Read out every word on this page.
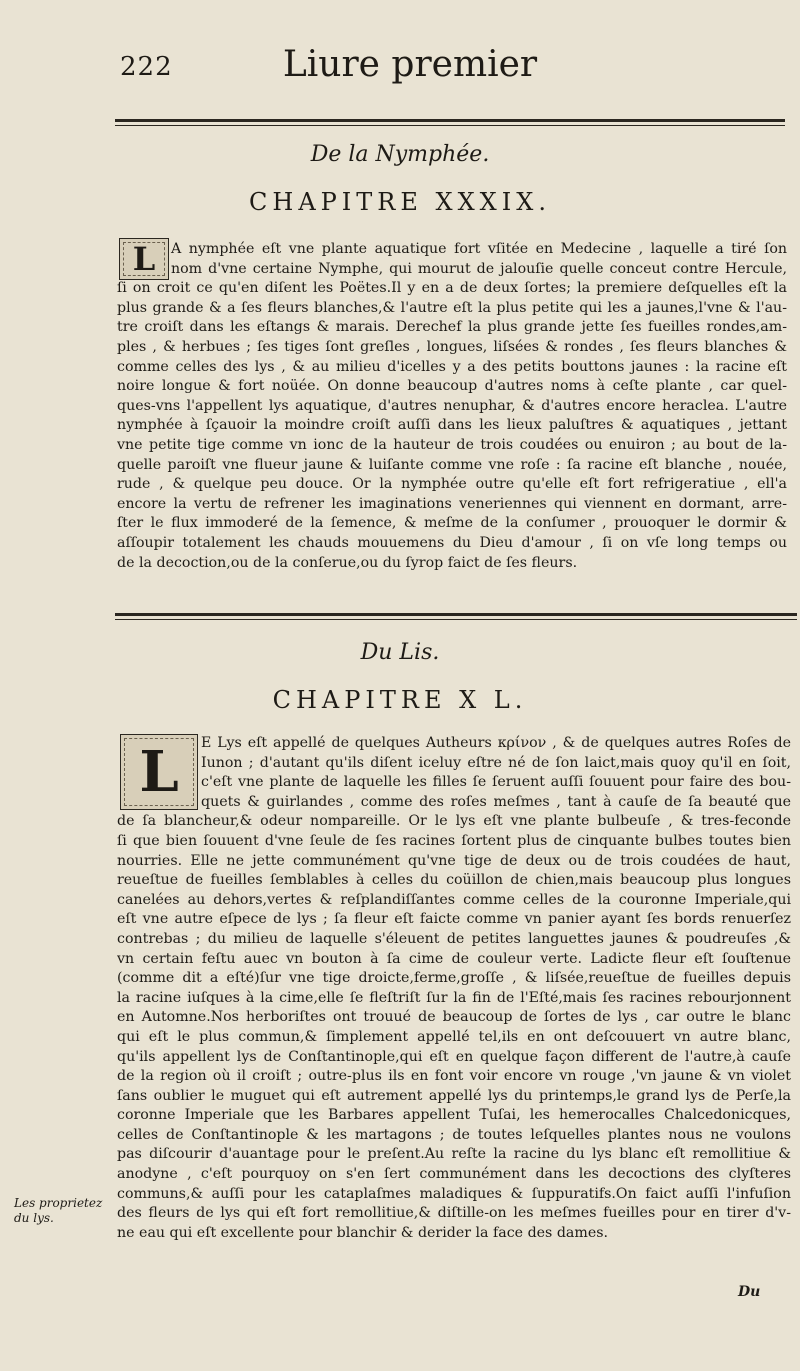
222	Liure premier
De la Nymphée.
CHAPITRE XXXIX.
L	A nymphée eſt vne plante aquatique fort vſitée en Medecine , laquelle a tiré ſon
nom d'vne certaine Nymphe, qui mourut de jalouſie quelle conceut contre Hercule,
ſi on croit ce qu'en diſent les Poëtes.Il y en a de deux ſortes; la premiere deſquelles eſt la
plus grande & a ſes fleurs blanches,& l'autre eſt la plus petite qui les a jaunes,l'vne & l'au-
tre croiſt dans les eſtangs & marais. Derechef la plus grande jette ſes fueilles rondes,am-
ples , & herbues ; ſes tiges ſont greſles , longues, liſsées & rondes , ſes fleurs blanches &
comme celles des lys , & au milieu d'icelles y a des petits bouttons jaunes : la racine eſt
noire longue & fort noüée. On donne beaucoup d'autres noms à ceſte plante , car quel-
ques-vns l'appellent lys aquatique, d'autres nenuphar, & d'autres encore heraclea. L'autre
nymphée à ſçauoir la moindre croiſt auſſi dans les lieux paluſtres & aquatiques , jettant
vne petite tige comme vn ionc de la hauteur de trois coudées ou enuiron ; au bout de la-
quelle paroiſt vne flueur jaune & luiſante comme vne roſe : ſa racine eſt blanche , nouée,
rude , & quelque peu douce. Or la nymphée outre qu'elle eſt fort refrigeratiue , ell'a
encore la vertu de refrener les imaginations veneriennes qui viennent en dormant, arre-
ſter le flux immoderé de la ſemence, & meſme de la conſumer , prouoquer le dormir &
aſſoupir totalement les chauds mouuemens du Dieu d'amour , ſi on vſe long temps ou
de la decoction,ou de la conſerue,ou du ſyrop faict de ſes fleurs.
Du Lis.
CHAPITRE X L.
L	E Lys eſt appellé de quelques Autheurs κρίνον , & de quelques autres Roſes de
Iunon ; d'autant qu'ils diſent iceluy eſtre né de ſon laict,mais quoy qu'il en ſoit,
c'eſt vne plante de laquelle les filles ſe ſeruent auſſi ſouuent pour faire des bou-
quets & guirlandes , comme des roſes meſmes , tant à cauſe de ſa beauté que
de ſa blancheur,& odeur nompareille. Or le lys eſt vne plante bulbeuſe , & tres-feconde
ſi que bien ſouuent d'vne ſeule de ſes racines ſortent plus de cinquante bulbes toutes bien
nourries. Elle ne jette communément qu'vne tige de deux ou de trois coudées de haut,
reueſtue de fueilles ſemblables à celles du coüillon de chien,mais beaucoup plus longues
canelées au dehors,vertes & reſplandiſſantes comme celles de la couronne Imperiale,qui
eſt vne autre eſpece de lys ; ſa fleur eſt faicte comme vn panier ayant ſes bords renuerſez
contrebas ; du milieu de laquelle s'éleuent de petites languettes jaunes & poudreuſes ,&
vn certain feſtu auec vn bouton à ſa cime de couleur verte. Ladicte fleur eſt ſouſtenue
(comme dit a eſté)ſur vne tige droicte,ferme,groſſe , & liſsée,reueſtue de fueilles depuis
la racine iuſques à la cime,elle ſe fleſtriſt ſur la fin de l'Eſté,mais ſes racines rebourjonnent
en Automne.Nos herboriſtes ont trouué de beaucoup de ſortes de lys , car outre le blanc
qui eſt le plus commun,& ſimplement appellé tel,ils en ont deſcouuert vn autre blanc,
qu'ils appellent lys de Conſtantinople,qui eſt en quelque façon different de l'autre,à cauſe
de la region où il croiſt ; outre-plus ils en font voir encore vn rouge ,'vn jaune & vn violet
ſans oublier le muguet qui eſt autrement appellé lys du printemps,le grand lys de Perſe,la
coronne Imperiale que les Barbares appellent Tuſai, les hemerocalles Chalcedonicques,
celles de Conſtantinople & les martagons ; de toutes leſquelles plantes nous ne voulons
pas diſcourir d'auantage pour le preſent.Au reſte la racine du lys blanc eſt remollitiue &
anodyne , c'eſt pourquoy on s'en ſert communément dans les decoctions des clyſteres
communs,& auſſi pour les cataplaſmes maladiques & ſuppuratifs.On faict auſſi l'infuſion
des fleurs de lys qui eſt fort remollitiue,& diſtille-on les meſmes fueilles pour en tirer d'v-
ne eau qui eſt excellente pour blanchir & derider la face des dames.
Les proprietez du lys.
Du
